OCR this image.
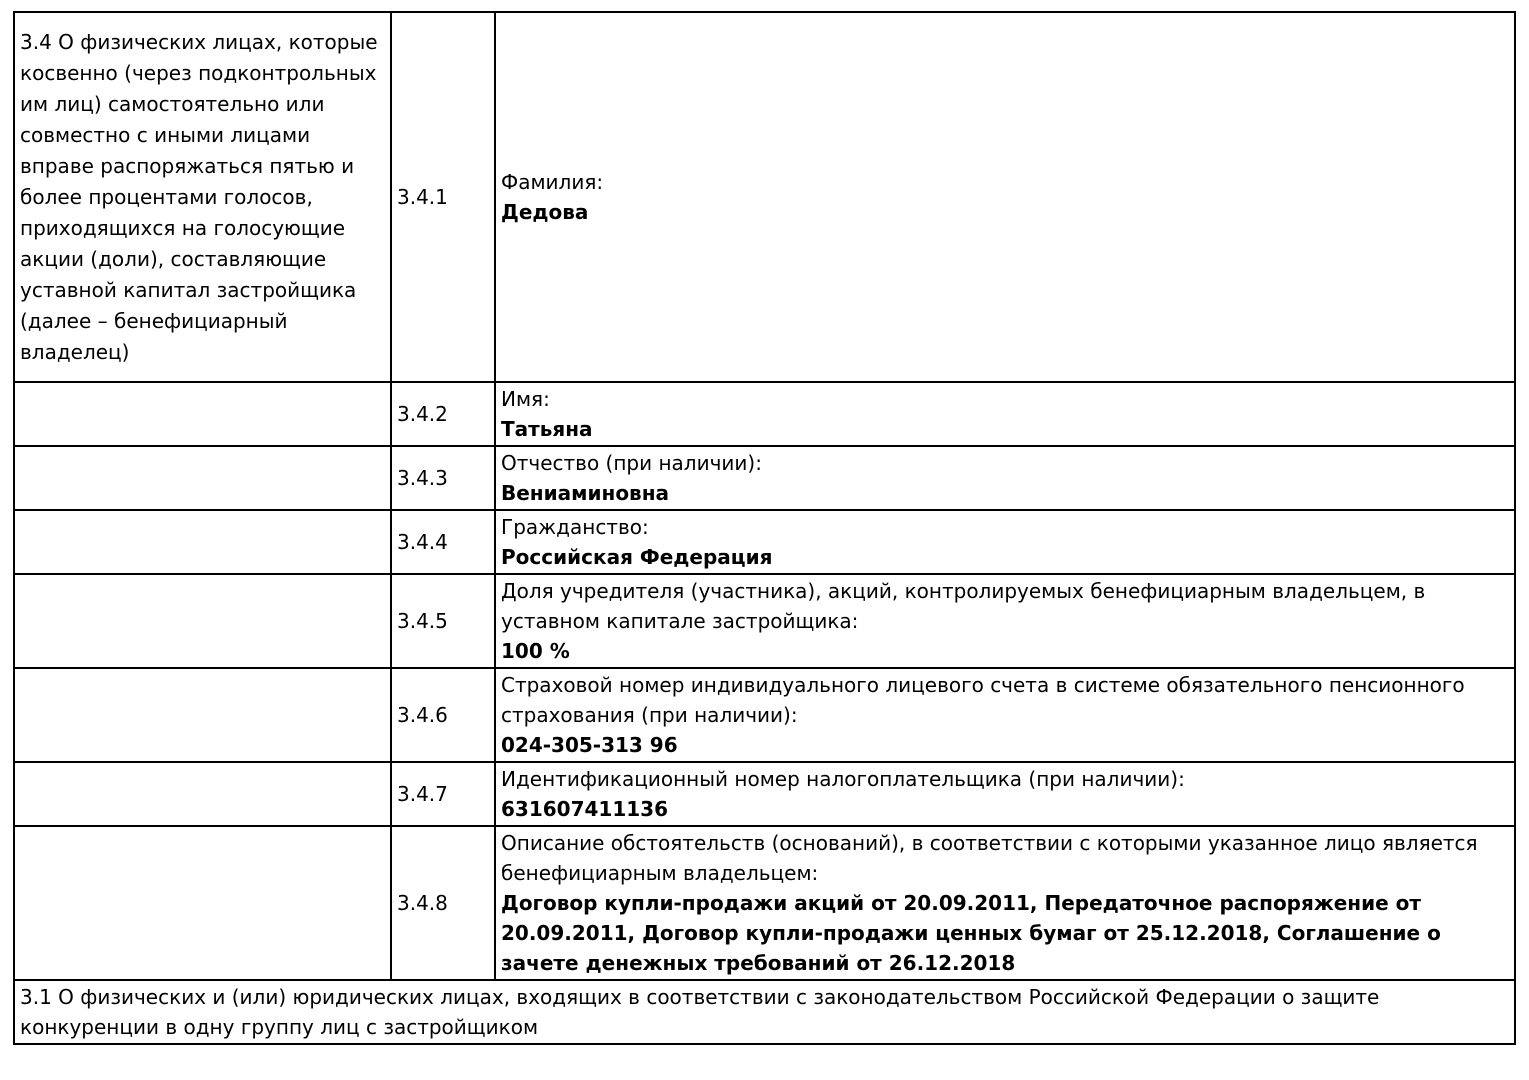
3.4 О физических лицах, которые косвенно (через подконтрольных им лиц) самостоятельно или совместно с иными лицами вправе распоряжаться пятью и более процентами голосов, приходящихся на голосующие акции (доли), составляющие уставной капитал застройщика (далее – бенефициарный владелец)	3.4.1	Фамилия:
Дедова

	3.4.2	Имя:
Татьяна

	3.4.3	Отчество (при наличии):
Вениаминовна

	3.4.4	Гражданство:
Российская Федерация

	3.4.5	Доля учредителя (участника), акций, контролируемых бенефициарным владельцем, в уставном капитале застройщика:
100 %

	3.4.6	Страховой номер индивидуального лицевого счета в системе обязательного пенсионного страхования (при наличии):
024-305-313 96

	3.4.7	Идентификационный номер налогоплательщика (при наличии):
631607411136

	3.4.8	Описание обстоятельств (оснований), в соответствии с которыми указанное лицо является бенефициарным владельцем:
Договор купли-продажи акций от 20.09.2011, Передаточное распоряжение от 20.09.2011, Договор купли-продажи ценных бумаг от 25.12.2018, Соглашение о зачете денежных требований от 26.12.2018

3.1 О физических и (или) юридических лицах, входящих в соответствии с законодательством Российской Федерации о защите конкуренции в одну группу лиц с застройщиком		
